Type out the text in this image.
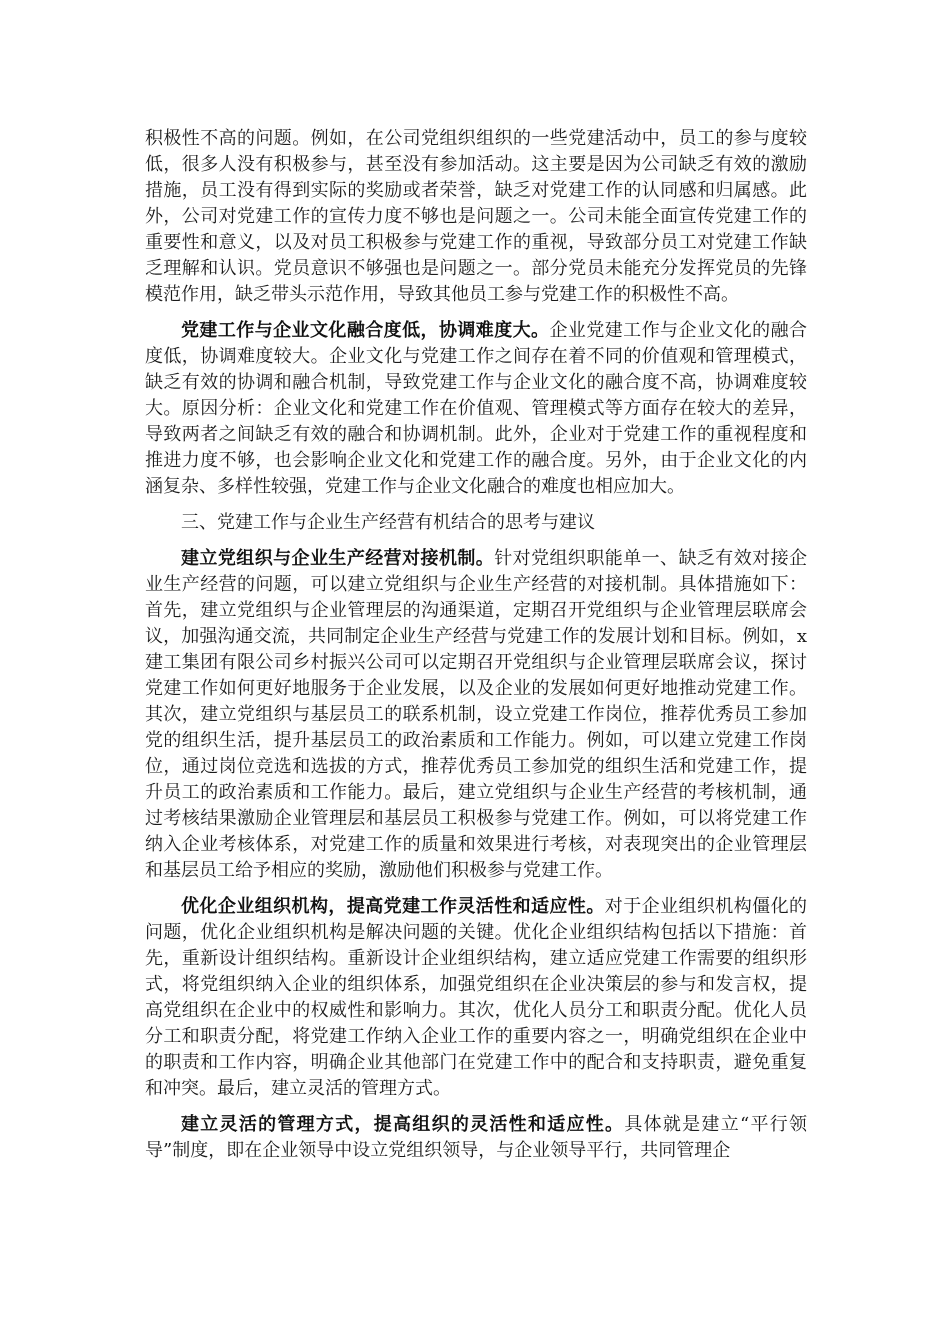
积极性不高的问题。例如，在公司党组织组织的一些党建活动中，员工的参与度较低，很多人没有积极参与，甚至没有参加活动。这主要是因为公司缺乏有效的激励措施，员工没有得到实际的奖励或者荣誉，缺乏对党建工作的认同感和归属感。此外，公司对党建工作的宣传力度不够也是问题之一。公司未能全面宣传党建工作的重要性和意义，以及对员工积极参与党建工作的重视，导致部分员工对党建工作缺乏理解和认识。党员意识不够强也是问题之一。部分党员未能充分发挥党员的先锋模范作用，缺乏带头示范作用，导致其他员工参与党建工作的积极性不高。

党建工作与企业文化融合度低，协调难度大。企业党建工作与企业文化的融合度低，协调难度较大。企业文化与党建工作之间存在着不同的价值观和管理模式，缺乏有效的协调和融合机制，导致党建工作与企业文化的融合度不高，协调难度较大。原因分析：企业文化和党建工作在价值观、管理模式等方面存在较大的差异，导致两者之间缺乏有效的融合和协调机制。此外，企业对于党建工作的重视程度和推进力度不够，也会影响企业文化和党建工作的融合度。另外，由于企业文化的内涵复杂、多样性较强，党建工作与企业文化融合的难度也相应加大。

三、党建工作与企业生产经营有机结合的思考与建议

建立党组织与企业生产经营对接机制。针对党组织职能单一、缺乏有效对接企业生产经营的问题，可以建立党组织与企业生产经营的对接机制。具体措施如下：首先，建立党组织与企业管理层的沟通渠道，定期召开党组织与企业管理层联席会议，加强沟通交流，共同制定企业生产经营与党建工作的发展计划和目标。例如，x建工集团有限公司乡村振兴公司可以定期召开党组织与企业管理层联席会议，探讨党建工作如何更好地服务于企业发展，以及企业的发展如何更好地推动党建工作。其次，建立党组织与基层员工的联系机制，设立党建工作岗位，推荐优秀员工参加党的组织生活，提升基层员工的政治素质和工作能力。例如，可以建立党建工作岗位，通过岗位竞选和选拔的方式，推荐优秀员工参加党的组织生活和党建工作，提升员工的政治素质和工作能力。最后，建立党组织与企业生产经营的考核机制，通过考核结果激励企业管理层和基层员工积极参与党建工作。例如，可以将党建工作纳入企业考核体系，对党建工作的质量和效果进行考核，对表现突出的企业管理层和基层员工给予相应的奖励，激励他们积极参与党建工作。

优化企业组织机构，提高党建工作灵活性和适应性。对于企业组织机构僵化的问题，优化企业组织机构是解决问题的关键。优化企业组织结构包括以下措施：首先，重新设计组织结构。重新设计企业组织结构，建立适应党建工作需要的组织形式，将党组织纳入企业的组织体系，加强党组织在企业决策层的参与和发言权，提高党组织在企业中的权威性和影响力。其次，优化人员分工和职责分配。优化人员分工和职责分配，将党建工作纳入企业工作的重要内容之一，明确党组织在企业中的职责和工作内容，明确企业其他部门在党建工作中的配合和支持职责，避免重复和冲突。最后，建立灵活的管理方式。

建立灵活的管理方式，提高组织的灵活性和适应性。具体就是建立“平行领导”制度，即在企业领导中设立党组织领导，与企业领导平行，共同管理企
